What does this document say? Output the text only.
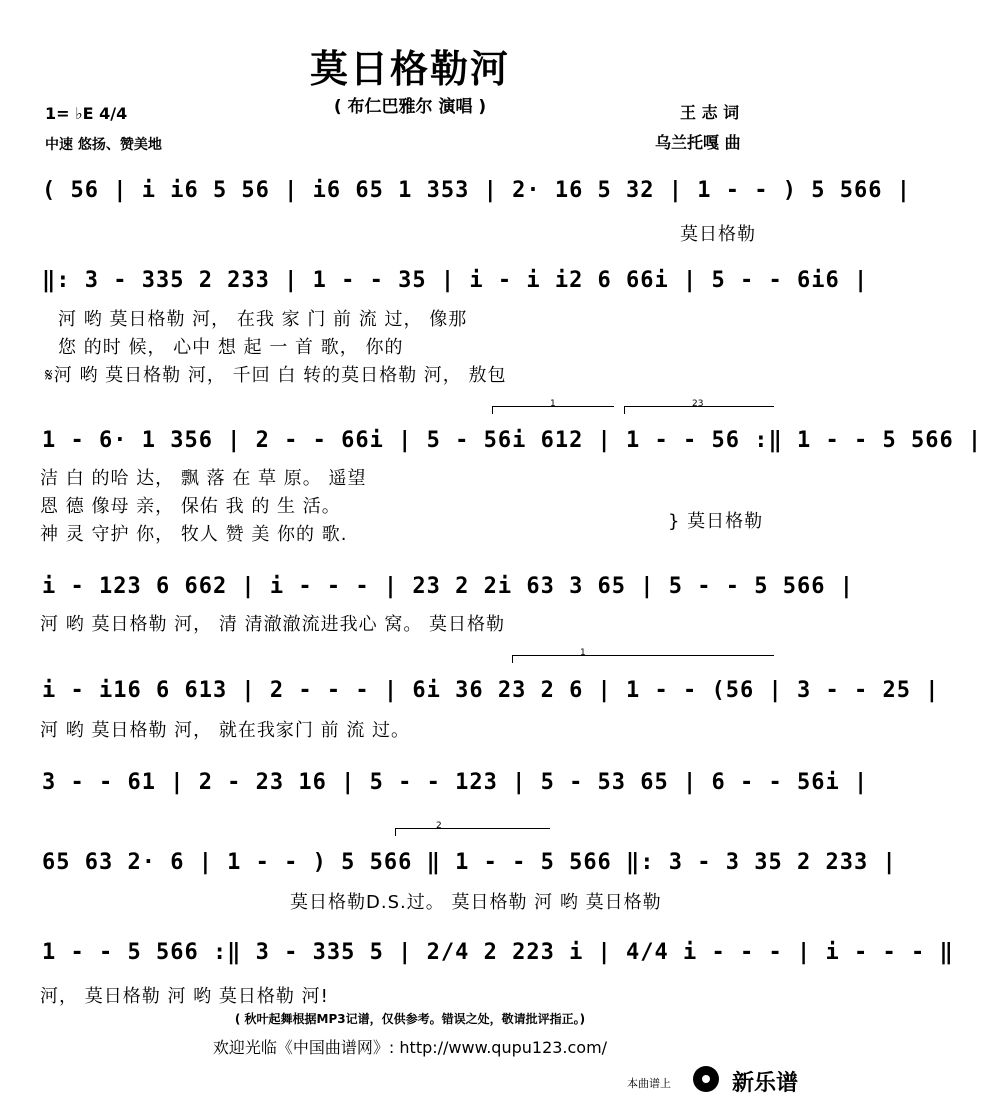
莫日格勒河
( 布仁巴雅尔 演唱 )
1= ♭E 4/4
中速 悠扬、赞美地
王 志 词
乌兰托嘎 曲
( 56 | i i6 5 56 | i6 65 1 353 | 2· 16 5 32 | 1 - - ) 5 566 |
莫日格勒
‖: 3 - 335 2 233 | 1 - - 35 | i - i i2 6 66i | 5 - - 6i6 |
河 哟 莫日格勒 河， 在我 家 门 前 流 过， 像那
您 的时 候， 心中 想 起 一 首 歌， 你的
𝄋河 哟 莫日格勒 河， 千回 白 转的莫日格勒 河， 敖包
1	23
1 - 6· 1 356 | 2 - - 66i | 5 - 56i 612 | 1 - - 56 :‖ 1 - - 5 566 |
洁 白 的哈 达， 飘 落 在 草 原。 遥望
恩 德 像母 亲， 保佑 我 的 生 活。
神 灵 守护 你， 牧人 赞 美 你的 歌.
} 莫日格勒
i - 123 6 662 | i - - - | 23 2 2i 63 3 65 | 5 - - 5 566 |
河 哟 莫日格勒 河， 清 清澈澈流进我心 窝。 莫日格勒
1
i - i16 6 613 | 2 - - - | 6i 36 23 2 6 | 1 - - (56 | 3 - - 25 |
河 哟 莫日格勒 河， 就在我家门 前 流 过。
3 - - 61 | 2 - 23 16 | 5 - - 123 | 5 - 53 65 | 6 - - 56i |
2
65 63 2· 6 | 1 - - ) 5 566 ‖ 1 - - 5 566 ‖: 3 - 3 35 2 233 |
莫日格勒D.S.过。 莫日格勒 河 哟 莫日格勒
1 - - 5 566 :‖ 3 - 335 5 | 2/4 2 223 i | 4/4 i - - - | i - - - ‖
河， 莫日格勒 河 哟 莫日格勒 河!
( 秋叶起舞根据MP3记谱，仅供参考。错误之处，敬请批评指正。)
欢迎光临《中国曲谱网》: http://www.qupu123.com/
本曲谱上	新乐谱
